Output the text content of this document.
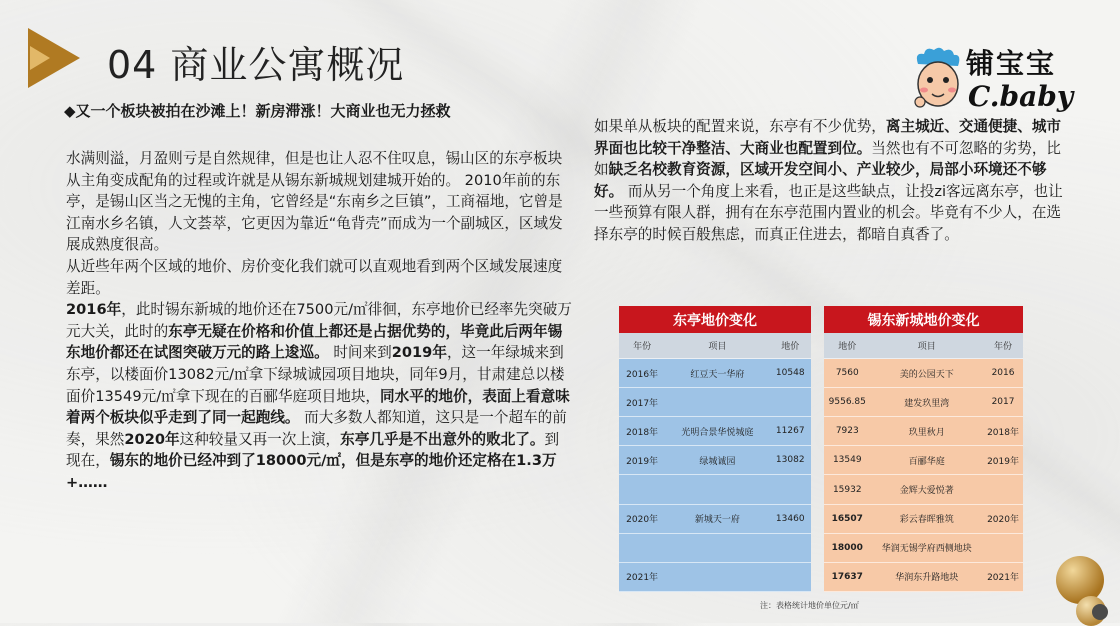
04 商业公寓概况	铺宝宝
C.baby
◆又一个板块被拍在沙滩上！新房滞涨！大商业也无力拯救

水满则溢，月盈则亏是自然规律，但是也让人忍不住叹息，锡山区的东亭板块从主角变成配角的过程或许就是从锡东新城规划建城开始的。 2010年前的东亭，是锡山区当之无愧的主角，它曾经是“东南乡之巨镇”，工商福地，它曾是江南水乡名镇，人文荟萃，它更因为靠近“龟背壳”而成为一个副城区，区域发展成熟度很高。

从近些年两个区域的地价、房价变化我们就可以直观地看到两个区域发展速度差距。

2016年，此时锡东新城的地价还在7500元/㎡徘徊，东亭地价已经率先突破万元大关，此时的东亭无疑在价格和价值上都还是占据优势的，毕竟此后两年锡东地价都还在试图突破万元的路上逡巡。 时间来到2019年，这一年绿城来到东亭，以楼面价13082元/㎡拿下绿城诚园项目地块，同年9月，甘肃建总以楼面价13549元/㎡拿下现在的百郦华庭项目地块，同水平的地价，表面上看意味着两个板块似乎走到了同一起跑线。 而大多数人都知道，这只是一个超车的前奏，果然2020年这种较量又再一次上演，东亭几乎是不出意外的败北了。到现在，锡东的地价已经冲到了18000元/㎡，但是东亭的地价还定格在1.3万+……

如果单从板块的配置来说，东亭有不少优势，离主城近、交通便捷、城市界面也比较干净整洁、大商业也配置到位。当然也有不可忽略的劣势，比如缺乏名校教育资源，区域开发空间小、产业较少，局部小环境还不够好。 而从另一个角度上来看，也正是这些缺点，让投zi客远离东亭，也让一些预算有限人群，拥有在东亭范围内置业的机会。毕竟有不少人，在选择东亭的时候百般焦虑，而真正住进去，都暗自真香了。

东亭地价变化		
年份	项目	地价
2016年	红豆天一华府	10548
2017年		
2018年	光明合景华悦城庭	11267
2019年	绿城诚园	13082

2020年	新城天一府	13460

2021年		
锡东新城地价变化		
地价	项目	年份
7560	美的公园天下	2016
9556.85	建发玖里湾	2017
7923	玖里秋月	2018年
13549	百郦华庭	2019年
15932	金辉大爱悦著	
16507	彩云春晖雅筑	2020年
18000	华润无锡学府西侧地块	
17637	华润东升路地块	2021年
注：表格统计地价单位元/㎡
